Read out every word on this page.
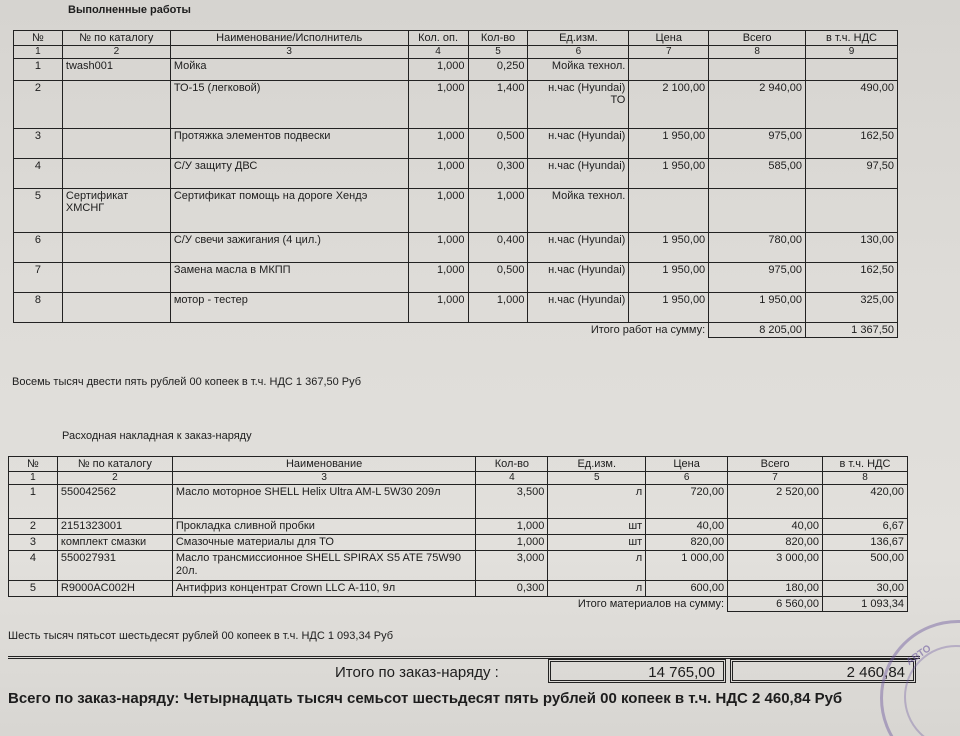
Выполненные работы
№	№ по каталогу	Наименование/Исполнитель	Кол. оп.	Кол-во	Ед.изм.	Цена	Всего	в т.ч. НДС
1	2	3	4	5	6	7	8	9
1	twash001	Мойка	1,000	0,250	Мойка технол.			
2		ТО-15 (легковой)	1,000	1,400	н.час (Hyundai) ТО	2 100,00	2 940,00	490,00
3		Протяжка элементов подвески	1,000	0,500	н.час (Hyundai)	1 950,00	975,00	162,50
4		С/У защиту ДВС	1,000	0,300	н.час (Hyundai)	1 950,00	585,00	97,50
5	Сертификат ХМСНГ	Сертификат помощь на дороге Хендэ	1,000	1,000	Мойка технол.			
6		С/У свечи зажигания (4 цил.)	1,000	0,400	н.час (Hyundai)	1 950,00	780,00	130,00
7		Замена масла в МКПП	1,000	0,500	н.час (Hyundai)	1 950,00	975,00	162,50
8		мотор - тестер	1,000	1,000	н.час (Hyundai)	1 950,00	1 950,00	325,00
Итого работ на сумму:							8 205,00	1 367,50
Восемь тысяч двести пять рублей 00 копеек в т.ч. НДС 1 367,50 Руб
Расходная накладная к заказ-наряду
№	№ по каталогу	Наименование	Кол-во	Ед.изм.	Цена	Всего	в т.ч. НДС
1	2	3	4	5	6	7	8
1	550042562	Масло моторное SHELL Helix Ultra AM-L 5W30 209л	3,500	л	720,00	2 520,00	420,00
2	2151323001	Прокладка сливной пробки	1,000	шт	40,00	40,00	6,67
3	комплект смазки	Смазочные материалы для ТО	1,000	шт	820,00	820,00	136,67
4	550027931	Масло трансмиссионное SHELL SPIRAX S5 ATE 75W90 20л.	3,000	л	1 000,00	3 000,00	500,00
5	R9000AC002H	Антифриз концентрат Crown LLC A-110, 9л	0,300	л	600,00	180,00	30,00
Итого материалов на сумму:						6 560,00	1 093,34
Шесть тысяч пятьсот шестьдесят рублей 00 копеек в т.ч. НДС 1 093,34 Руб
Итого по заказ-наряду :	14 765,00	2 460,84
Всего по заказ-наряду: Четырнадцать тысяч семьсот шестьдесят пять рублей 00 копеек в т.ч. НДС 2 460,84 Руб
АВТО
